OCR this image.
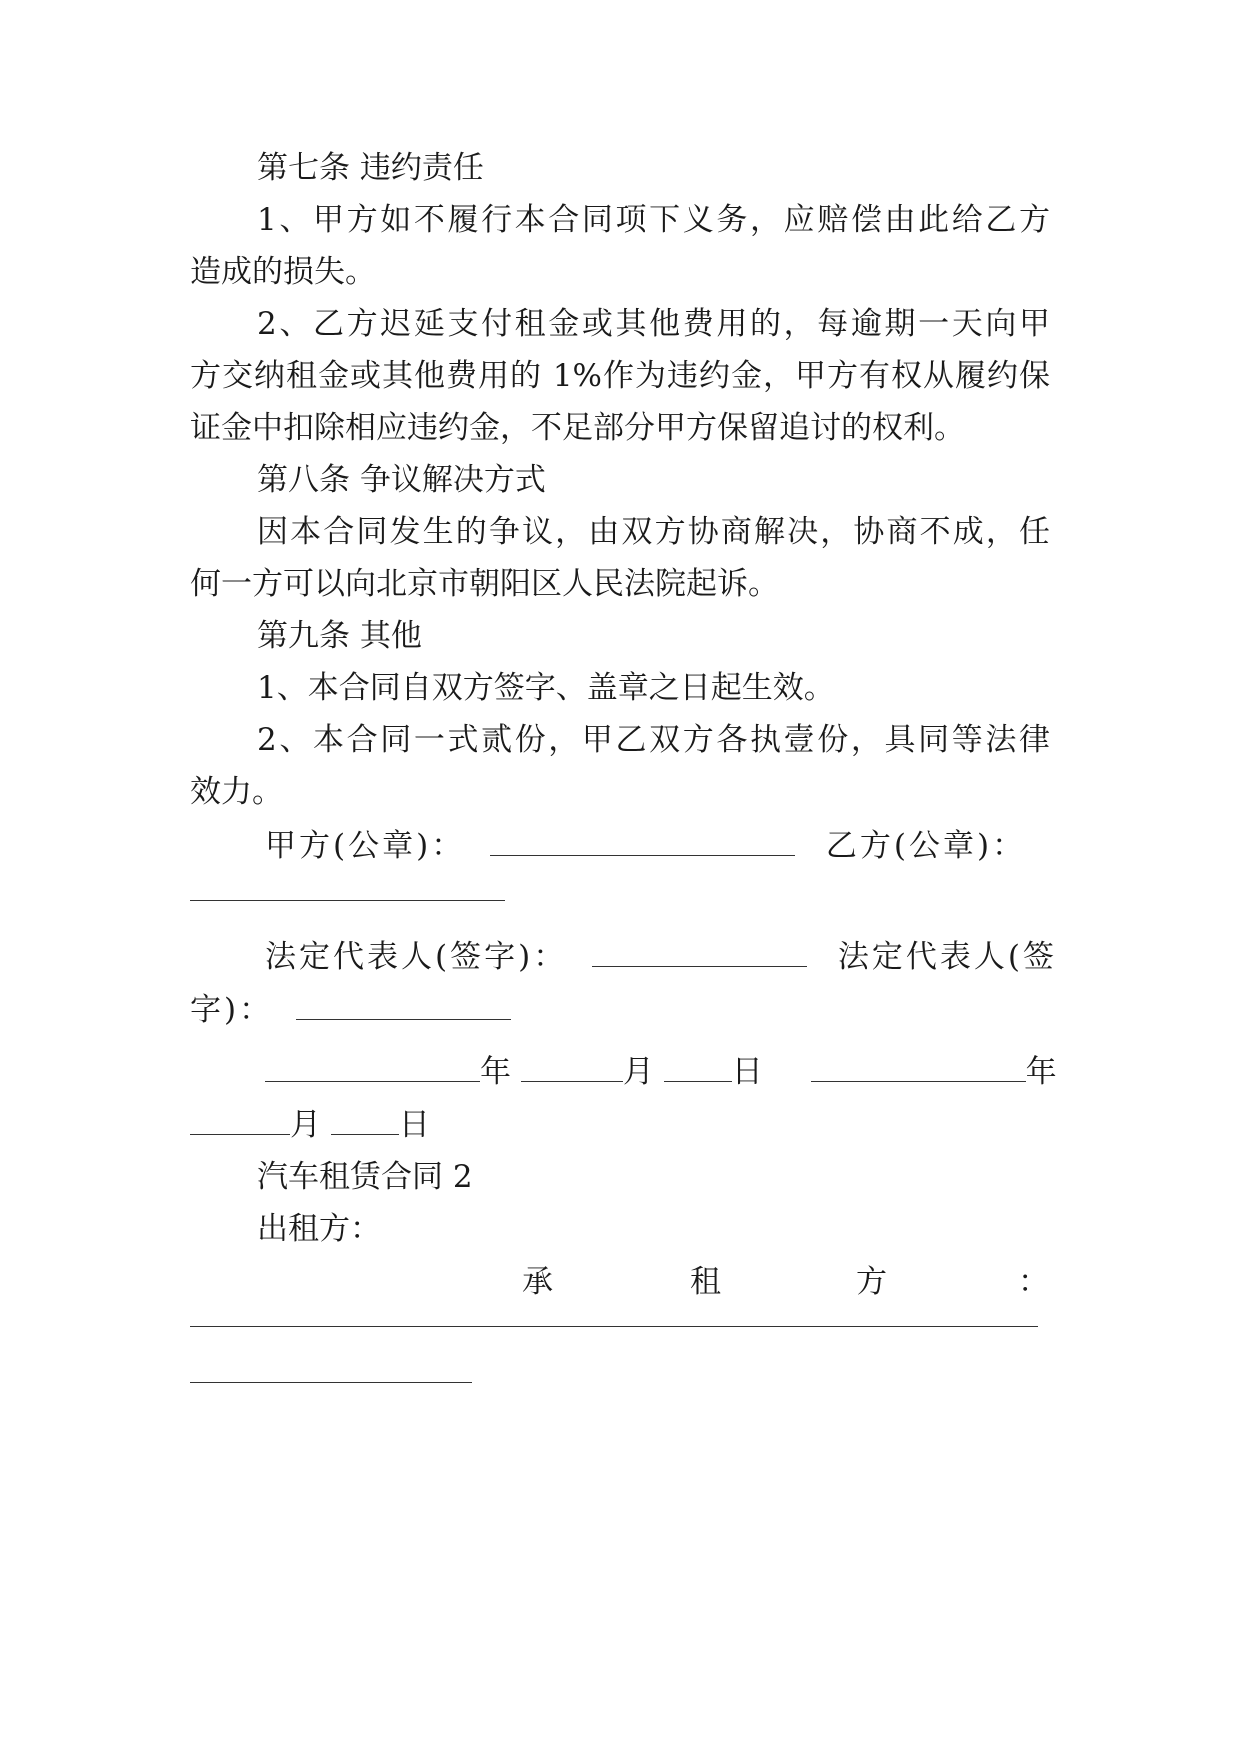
第七条 违约责任
1、甲方如不履行本合同项下义务，应赔偿由此给乙方
造成的损失。
2、乙方迟延支付租金或其他费用的，每逾期一天向甲
方交纳租金或其他费用的 1%作为违约金，甲方有权从履约保
证金中扣除相应违约金，不足部分甲方保留追讨的权利。
第八条 争议解决方式
因本合同发生的争议，由双方协商解决，协商不成，任
何一方可以向北京市朝阳区人民法院起诉。
第九条 其他
1、本合同自双方签字、盖章之日起生效。
2、本合同一式贰份，甲乙双方各执壹份，具同等法律
效力。
甲方(公章)：	乙方(公章)：
法定代表人(签字)：	法定代表人(签
字)：
年	月	日	年
月	日
汽车租赁合同 2
出租方：
承	租	方	：
